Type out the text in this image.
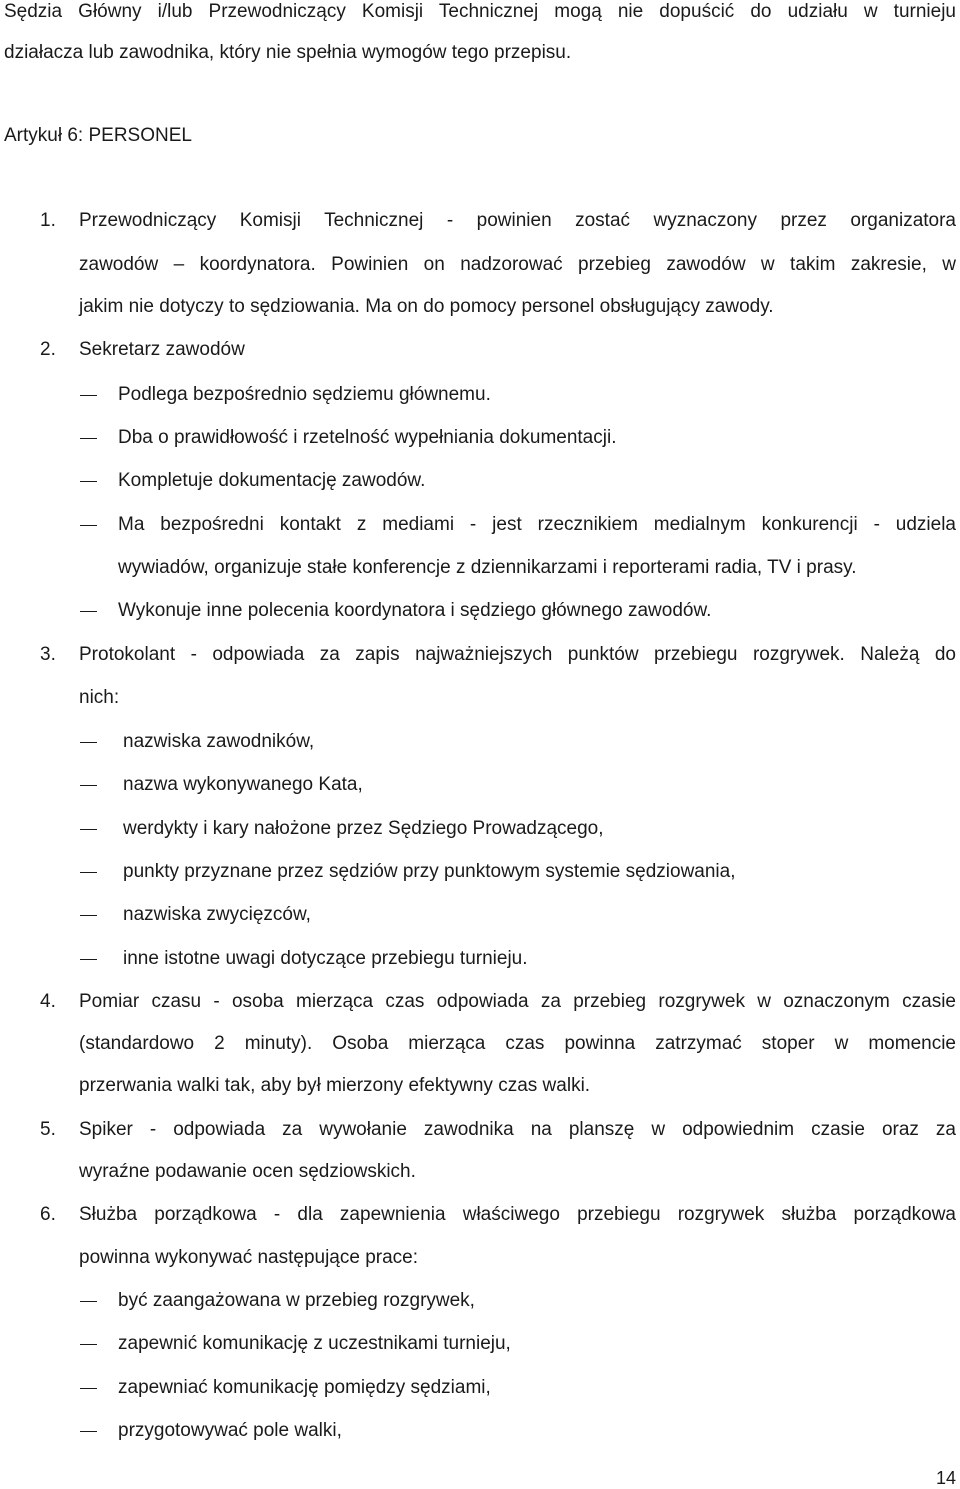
Sędzia Główny i/lub Przewodniczący Komisji Technicznej mogą nie dopuścić do udziału w turnieju
działacza lub zawodnika, który nie spełnia wymogów tego przepisu.
Artykuł 6: PERSONEL
1. Przewodniczący Komisji Technicznej - powinien zostać wyznaczony przez organizatora
zawodów – koordynatora. Powinien on nadzorować przebieg zawodów w takim zakresie, w
jakim nie dotyczy to sędziowania. Ma on do pomocy personel obsługujący zawody.
2. Sekretarz zawodów
Podlega bezpośrednio sędziemu głównemu.
Dba o prawidłowość i rzetelność wypełniania dokumentacji.
Kompletuje dokumentację zawodów.
Ma bezpośredni kontakt z mediami - jest rzecznikiem medialnym konkurencji - udziela
wywiadów, organizuje stałe konferencje z dziennikarzami i reporterami radia, TV i prasy.
Wykonuje inne polecenia koordynatora i sędziego głównego zawodów.
3. Protokolant - odpowiada za zapis najważniejszych punktów przebiegu rozgrywek. Należą do
nich:
nazwiska zawodników,
nazwa wykonywanego Kata,
werdykty i kary nałożone przez Sędziego Prowadzącego,
punkty przyznane przez sędziów przy punktowym systemie sędziowania,
nazwiska zwycięzców,
inne istotne uwagi dotyczące przebiegu turnieju.
4. Pomiar czasu - osoba mierząca czas odpowiada za przebieg rozgrywek w oznaczonym czasie
(standardowo 2 minuty). Osoba mierząca czas powinna zatrzymać stoper w momencie
przerwania walki tak, aby był mierzony efektywny czas walki.
5. Spiker - odpowiada za wywołanie zawodnika na planszę w odpowiednim czasie oraz za
wyraźne podawanie ocen sędziowskich.
6. Służba porządkowa - dla zapewnienia właściwego przebiegu rozgrywek służba porządkowa
powinna wykonywać następujące prace:
być zaangażowana w przebieg rozgrywek,
zapewnić komunikację z uczestnikami turnieju,
zapewniać komunikację pomiędzy sędziami,
przygotowywać pole walki,
14
